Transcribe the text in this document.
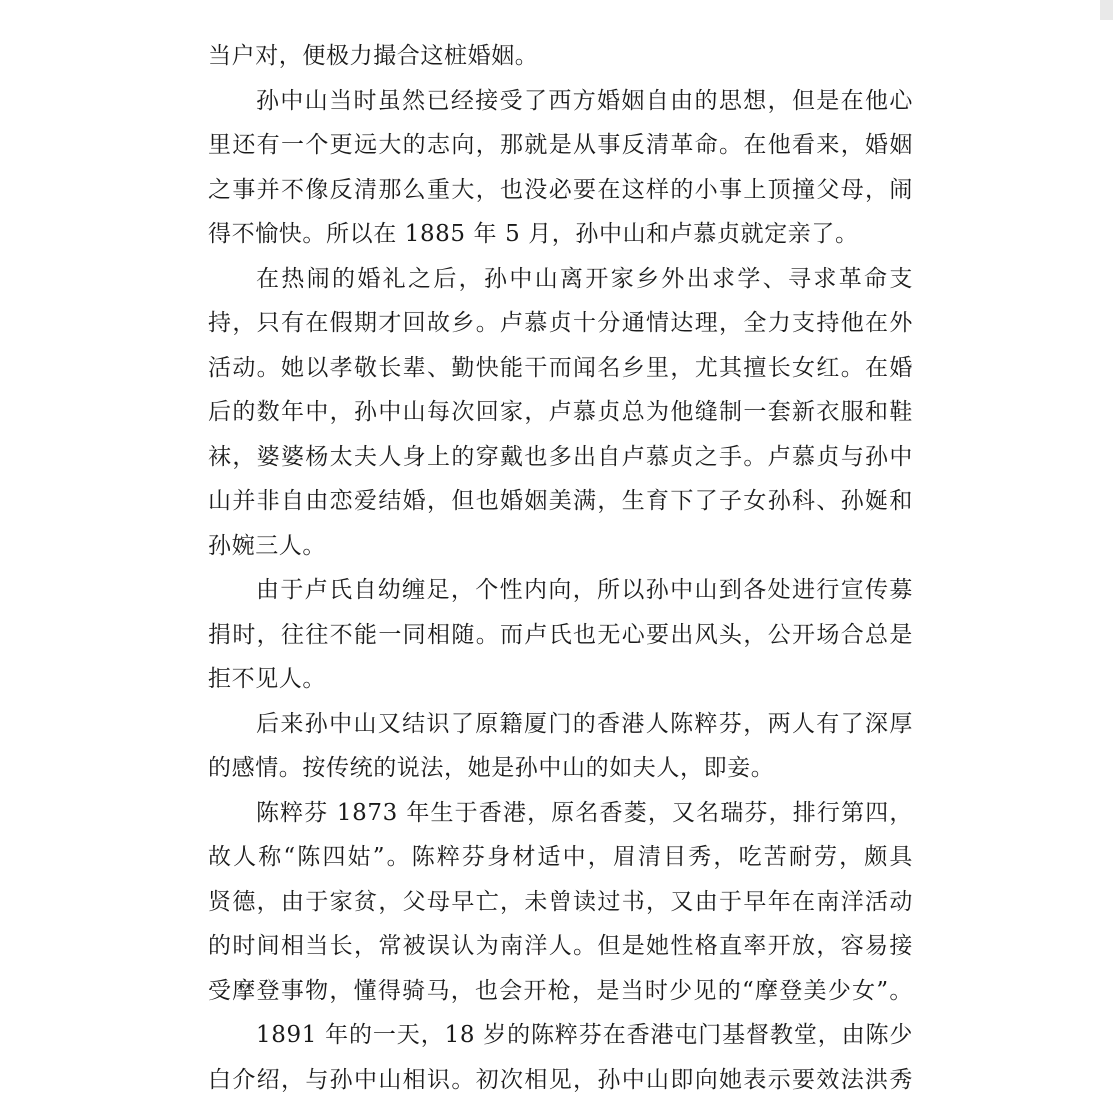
当户对，便极力撮合这桩婚姻。
孙中山当时虽然已经接受了西方婚姻自由的思想，但是在他心
里还有一个更远大的志向，那就是从事反清革命。在他看来，婚姻
之事并不像反清那么重大，也没必要在这样的小事上顶撞父母，闹
得不愉快。所以在 1885 年 5 月，孙中山和卢慕贞就定亲了。
在热闹的婚礼之后，孙中山离开家乡外出求学、寻求革命支
持，只有在假期才回故乡。卢慕贞十分通情达理，全力支持他在外
活动。她以孝敬长辈、勤快能干而闻名乡里，尤其擅长女红。在婚
后的数年中，孙中山每次回家，卢慕贞总为他缝制一套新衣服和鞋
袜，婆婆杨太夫人身上的穿戴也多出自卢慕贞之手。卢慕贞与孙中
山并非自由恋爱结婚，但也婚姻美满，生育下了子女孙科、孙娫和
孙婉三人。
由于卢氏自幼缠足，个性内向，所以孙中山到各处进行宣传募
捐时，往往不能一同相随。而卢氏也无心要出风头，公开场合总是
拒不见人。
后来孙中山又结识了原籍厦门的香港人陈粹芬，两人有了深厚
的感情。按传统的说法，她是孙中山的如夫人，即妾。
陈粹芬 1873 年生于香港，原名香菱，又名瑞芬，排行第四，
故人称“陈四姑”。陈粹芬身材适中，眉清目秀，吃苦耐劳，颇具
贤德，由于家贫，父母早亡，未曾读过书，又由于早年在南洋活动
的时间相当长，常被误认为南洋人。但是她性格直率开放，容易接
受摩登事物，懂得骑马，也会开枪，是当时少见的“摩登美少女”。
1891 年的一天，18 岁的陈粹芬在香港屯门基督教堂，由陈少
白介绍，与孙中山相识。初次相见，孙中山即向她表示要效法洪秀
